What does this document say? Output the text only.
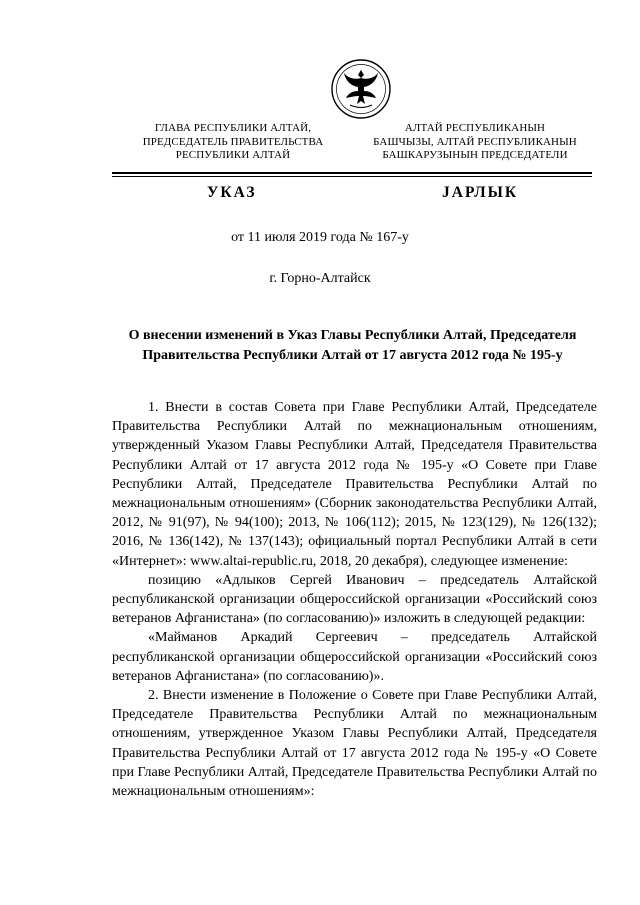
ГЛАВА РЕСПУБЛИКИ АЛТАЙ,
ПРЕДСЕДАТЕЛЬ ПРАВИТЕЛЬСТВА
РЕСПУБЛИКИ АЛТАЙ
АЛТАЙ РЕСПУБЛИКАНЫН
БАШЧЫЗЫ, АЛТАЙ РЕСПУБЛИКАНЫН
БАШКАРУЗЫНЫН ПРЕДСЕДАТЕЛИ
УКАЗ	JАРЛЫК
от 11 июля 2019 года № 167-у
г. Горно-Алтайск
О внесении изменений в Указ Главы Республики Алтай, Председателя Правительства Республики Алтай от 17 августа 2012 года № 195-у

1. Внести в состав Совета при Главе Республики Алтай, Председателе Правительства Республики Алтай по межнациональным отношениям, утвержденный Указом Главы Республики Алтай, Председателя Правительства Республики Алтай от 17 августа 2012 года № 195-у «О Совете при Главе Республики Алтай, Председателе Правительства Республики Алтай по межнациональным отношениям» (Сборник законодательства Республики Алтай, 2012, № 91(97), № 94(100); 2013, № 106(112); 2015, № 123(129), № 126(132); 2016, № 136(142), № 137(143); официальный портал Республики Алтай в сети «Интернет»: www.altai-republic.ru, 2018, 20 декабря), следующее изменение:

позицию «Адлыков Сергей Иванович – председатель Алтайской республиканской организации общероссийской организации «Российский союз ветеранов Афганистана» (по согласованию)» изложить в следующей редакции:

«Майманов Аркадий Сергеевич – председатель Алтайской республиканской организации общероссийской организации «Российский союз ветеранов Афганистана» (по согласованию)».

2. Внести изменение в Положение о Совете при Главе Республики Алтай, Председателе Правительства Республики Алтай по межнациональным отношениям, утвержденное Указом Главы Республики Алтай, Председателя Правительства Республики Алтай от 17 августа 2012 года № 195-у «О Совете при Главе Республики Алтай, Председателе Правительства Республики Алтай по межнациональным отношениям»:
